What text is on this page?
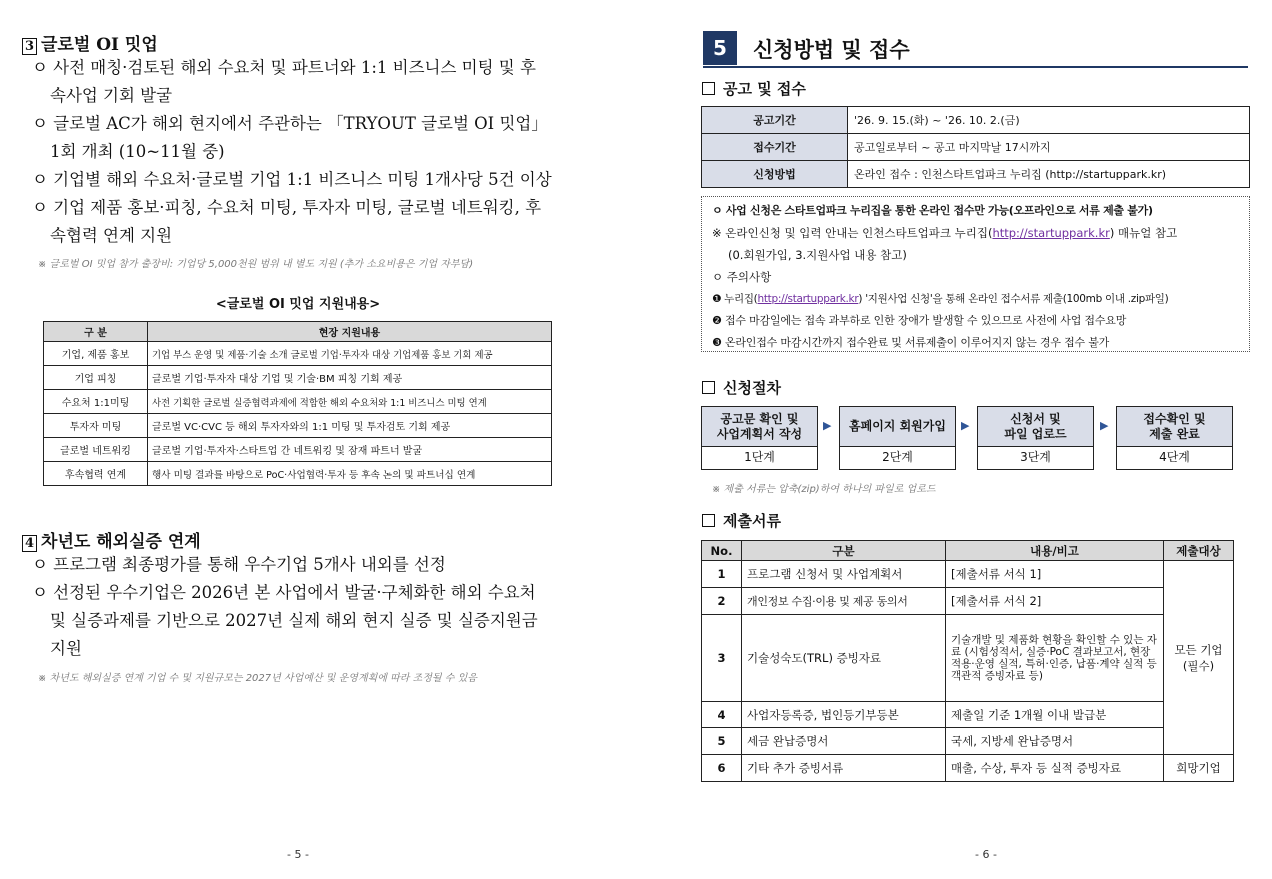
3 글로벌 OI 밋업
ㅇ 사전 매칭·검토된 해외 수요처 및 파트너와 1:1 비즈니스 미팅 및 후
속사업 기회 발굴
ㅇ 글로벌 AC가 해외 현지에서 주관하는 「TRYOUT 글로벌 OI 밋업」
1회 개최 (10~11월 중)
ㅇ 기업별 해외 수요처·글로벌 기업 1:1 비즈니스 미팅 1개사당 5건 이상
ㅇ 기업 제품 홍보·피칭, 수요처 미팅, 투자자 미팅, 글로벌 네트워킹, 후
속협력 연계 지원
※ 글로벌 OI 밋업 참가 출장비: 기업당 5,000천원 범위 내 별도 지원 (추가 소요비용은 기업 자부담)
<글로벌 OI 밋업 지원내용>
구 분	현장 지원내용
기업, 제품 홍보	기업 부스 운영 및 제품·기술 소개 글로벌 기업·투자자 대상 기업제품 홍보 기회 제공
기업 피칭	글로벌 기업·투자자 대상 기업 및 기술·BM 피칭 기회 제공
수요처 1:1미팅	사전 기획한 글로벌 실증협력과제에 적합한 해외 수요처와 1:1 비즈니스 미팅 연계
투자자 미팅	글로벌 VC·CVC 등 해외 투자자와의 1:1 미팅 및 투자검토 기회 제공
글로벌 네트워킹	글로벌 기업·투자자·스타트업 간 네트워킹 및 잠재 파트너 발굴
후속협력 연계	행사 미팅 결과를 바탕으로 PoC·사업협력·투자 등 후속 논의 및 파트너십 연계
4 차년도 해외실증 연계
ㅇ 프로그램 최종평가를 통해 우수기업 5개사 내외를 선정
ㅇ 선정된 우수기업은 2026년 본 사업에서 발굴·구체화한 해외 수요처
및 실증과제를 기반으로 2027년 실제 해외 현지 실증 및 실증지원금
지원
※ 차년도 해외실증 연계 기업 수 및 지원규모는 2027년 사업예산 및 운영계획에 따라 조정될 수 있음
- 5 -
5	신청방법 및 접수
공고 및 접수
공고기간	'26. 9. 15.(화) ~ '26. 10. 2.(금)
접수기간	공고일로부터 ~ 공고 마지막날 17시까지
신청방법	온라인 접수 : 인천스타트업파크 누리집 (http://startuppark.kr)
ㅇ 사업 신청은 스타트업파크 누리집을 통한 온라인 접수만 가능(오프라인으로 서류 제출 불가)
※ 온라인신청 및 입력 안내는 인천스타트업파크 누리집(http://startuppark.kr) 매뉴얼 참고
(0.회원가입, 3.지원사업 내용 참고)
ㅇ 주의사항
❶ 누리집(http://startuppark.kr) '지원사업 신청'을 통해 온라인 접수서류 제출(100mb 이내 .zip파일)
❷ 접수 마감일에는 접속 과부하로 인한 장애가 발생할 수 있으므로 사전에 사업 접수요망
❸ 온라인접수 마감시간까지 접수완료 및 서류제출이 이루어지지 않는 경우 접수 불가
신청절차
공고문 확인 및
사업계획서 작성
1단계
▶ 홈페이지 회원가입
2단계
▶	신청서 및
파일 업로드
3단계
▶	접수확인 및
제출 완료
4단계
※ 제출 서류는 압축(zip)하여 하나의 파일로 업로드
제출서류
No.	구분	내용/비고	제출대상
1	프로그램 신청서 및 사업계획서	[제출서류 서식 1]	모든 기업
(필수)
2	개인정보 수집·이용 및 제공 동의서	[제출서류 서식 2]	
3	기술성숙도(TRL) 증빙자료	기술개발 및 제품화 현황을 확인할 수 있는 자료 (시험성적서, 실증·PoC 결과보고서, 현장 적용·운영 실적, 특허·인증, 납품·계약 실적 등 객관적 증빙자료 등)	
4	사업자등록증, 법인등기부등본	제출일 기준 1개월 이내 발급분	
5	세금 완납증명서	국세, 지방세 완납증명서	
6	기타 추가 증빙서류	매출, 수상, 투자 등 실적 증빙자료	희망기업
- 6 -
